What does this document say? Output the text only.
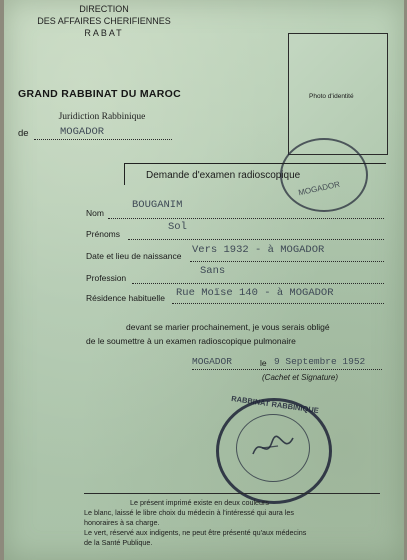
DIRECTION
DES AFFAIRES CHERIFIENNES
RABAT
GRAND RABBINAT DU MAROC
Juridiction Rabbinique
de	MOGADOR
Photo d'identité
MOGADOR
Demande d'examen radioscopique
Nom
BOUGANIM
Prénoms
Sol
Date et lieu de naissance Vers 1932 - à MOGADOR
Profession
Sans
Résidence habituelle Rue Moïse 140 - à MOGADOR
devant se marier prochainement, je vous serais obligé
de le soumettre à un examen radioscopique pulmonaire
MOGADOR	le 9 Septembre 1952
(Cachet et Signature)
RABBINAT RABBINIQUE
Le présent imprimé existe en deux couleurs
Le blanc, laissé le libre choix du médecin à l'intéressé qui aura les
honoraires à sa charge.
Le vert, réservé aux indigents, ne peut être présenté qu'aux médecins
de la Santé Publique.
